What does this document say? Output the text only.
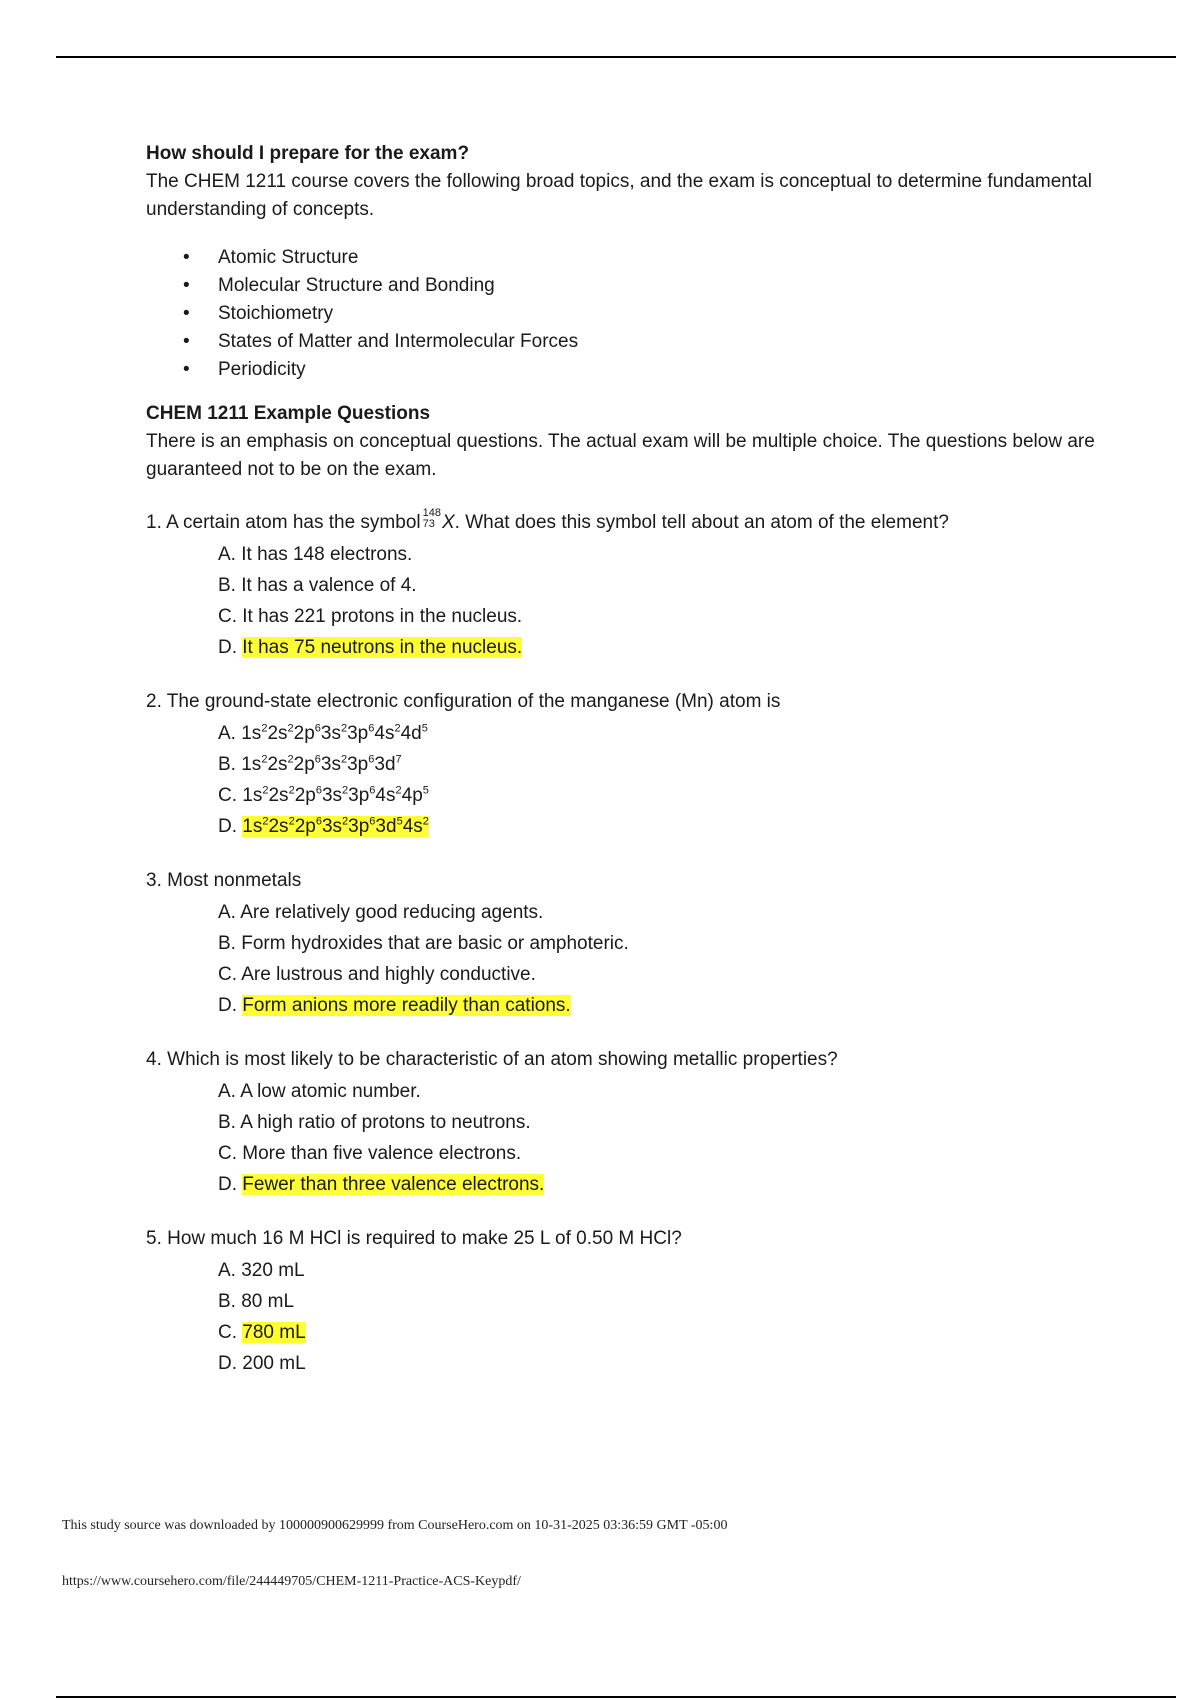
How should I prepare for the exam?

The CHEM 1211 course covers the following broad topics, and the exam is conceptual to determine fundamental understanding of concepts.

• Atomic Structure
• Molecular Structure and Bonding
• Stoichiometry
• States of Matter and Intermolecular Forces
• Periodicity
CHEM 1211 Example Questions

There is an emphasis on conceptual questions. The actual exam will be multiple choice. The questions below are guaranteed not to be on the exam.

1. A certain atom has the symbol 148
73 X. What does this symbol tell about an atom of the element?
A. It has 148 electrons.
B. It has a valence of 4.
C. It has 221 protons in the nucleus.
D. It has 75 neutrons in the nucleus.
2. The ground-state electronic configuration of the manganese (Mn) atom is
A. $1s^22s^22p^63s^23p^64s^24d^5$
B. $1s^22s^22p^63s^23p^63d^7$
C. $1s^22s^22p^63s^23p^64s^24p^5$
D. $1s^22s^22p^63s^23p^63d^54s^2$
3. Most nonmetals
A. Are relatively good reducing agents.
B. Form hydroxides that are basic or amphoteric.
C. Are lustrous and highly conductive.
D. Form anions more readily than cations.
4. Which is most likely to be characteristic of an atom showing metallic properties?
A. A low atomic number.
B. A high ratio of protons to neutrons.
C. More than five valence electrons.
D. Fewer than three valence electrons.
5. How much 16 M HCl is required to make 25 L of 0.50 M HCl?
A. 320 mL
B. 80 mL
C. 780 mL
D. 200 mL
This study source was downloaded by 100000900629999 from CourseHero.com on 10-31-2025 03:36:59 GMT -05:00
https://www.coursehero.com/file/244449705/CHEM-1211-Practice-ACS-Keypdf/
